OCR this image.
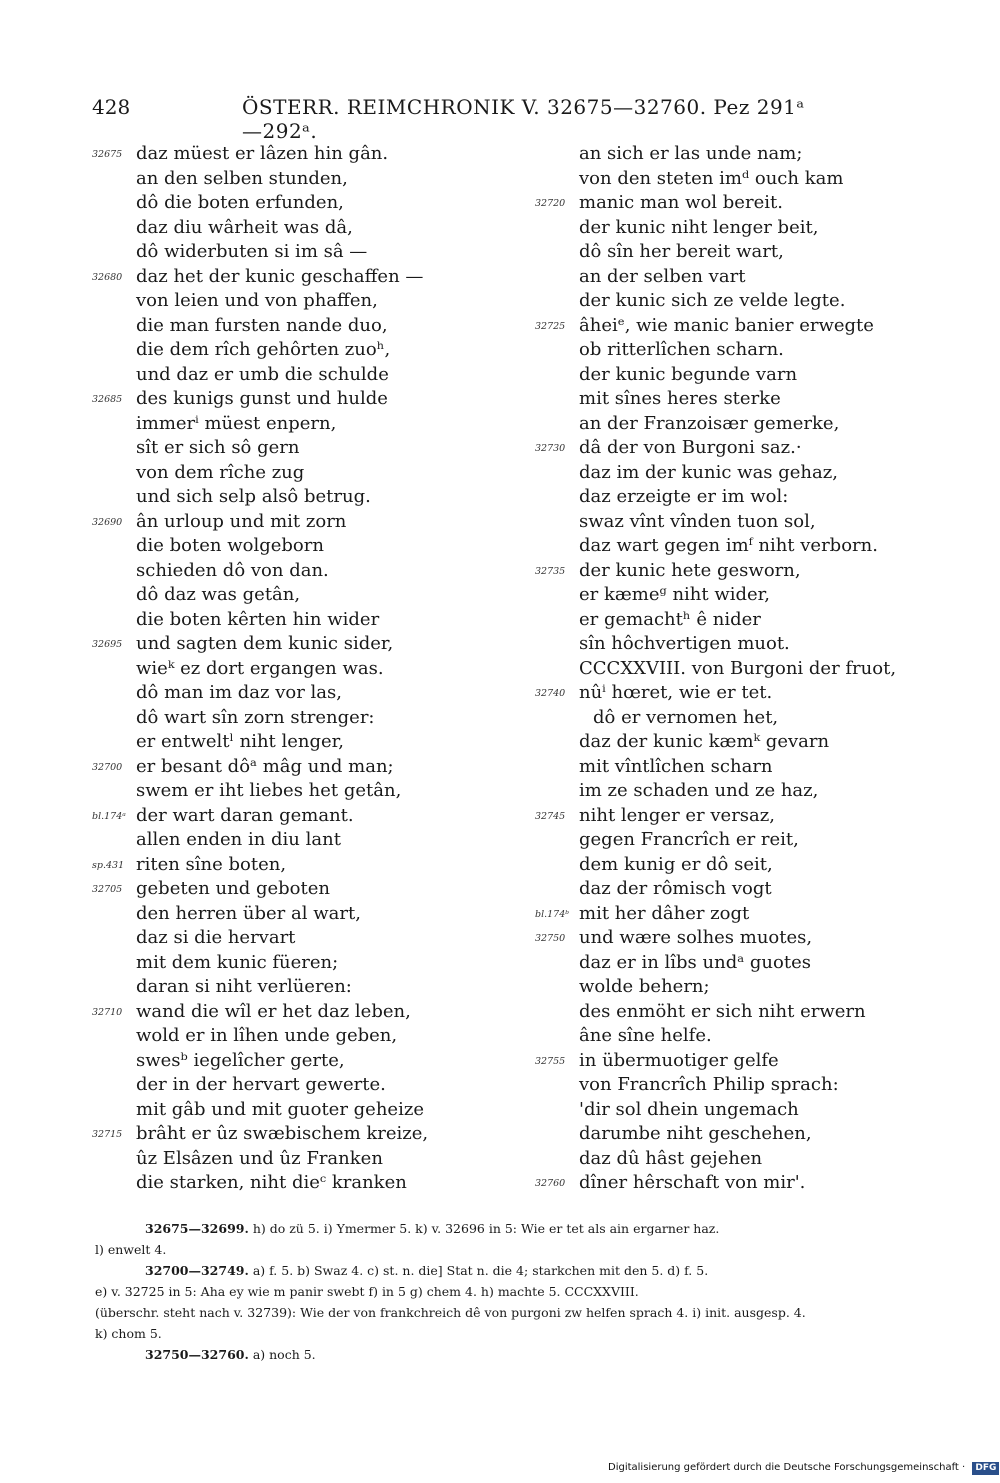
428	ÖSTERR. REIMCHRONIK V. 32675—32760. Pez 291ᵃ—292ᵃ.
32675 daz müest er lâzen hin gân.
an den selben stunden,
dô die boten erfunden,
daz diu wârheit was dâ,
dô widerbuten si im sâ —
32680 daz het der kunic geschaffen —
von leien und von phaffen,
die man fursten nande duo,
die dem rîch gehôrten zuoʰ,
und daz er umb die schulde
32685 des kunigs gunst und hulde
immerⁱ müest enpern,
sît er sich sô gern
von dem rîche zug
und sich selp alsô betrug.
32690 ân urloup und mit zorn
die boten wolgeborn
schieden dô von dan.
dô daz was getân,
die boten kêrten hin wider
32695 und sagten dem kunic sider,
wieᵏ ez dort ergangen was.
dô man im daz vor las,
dô wart sîn zorn strenger:
er entweltˡ niht lenger,
32700 er besant dôᵃ mâg und man;
swem er iht liebes het getân,
bl.174ᵃ der wart daran gemant.
allen enden in diu lant
sp.431 riten sîne boten,
32705 gebeten und geboten
den herren über al wart,
daz si die hervart
mit dem kunic füeren;
daran si niht verlüeren:
32710 wand die wîl er het daz leben,
wold er in lîhen unde geben,
swesᵇ iegelîcher gerte,
der in der hervart gewerte.
mit gâb und mit guoter geheize
32715 brâht er ûz swæbischem kreize,
ûz Elsâzen und ûz Franken
die starken, niht dieᶜ kranken
an sich er las unde nam;
von den steten imᵈ ouch kam
32720 manic man wol bereit.
der kunic niht lenger beit,
dô sîn her bereit wart,
an der selben vart
der kunic sich ze velde legte.
32725 âheiᵉ, wie manic banier erwegte
ob ritterlîchen scharn.
der kunic begunde varn
mit sînes heres sterke
an der Franzoisær gemerke,
32730 dâ der von Burgoni saz.·
daz im der kunic was gehaz,
daz erzeigte er im wol:
swaz vînt vînden tuon sol,
daz wart gegen imᶠ niht verborn.
32735 der kunic hete gesworn,
er kæmeᵍ niht wider,
er gemachtʰ ê nider
sîn hôchvertigen muot.
CCCXXVIII. von Burgoni der fruot,
32740 nûⁱ hœret, wie er tet.
dô er vernomen het,
daz der kunic kæmᵏ gevarn
mit vîntlîchen scharn
im ze schaden und ze haz,
32745 niht lenger er versaz,
gegen Francrîch er reit,
dem kunig er dô seit,
daz der rômisch vogt
bl.174ᵇ mit her dâher zogt
32750 und wære solhes muotes,
daz er in lîbs undᵃ guotes
wolde behern;
des enmöht er sich niht erwern
âne sîne helfe.
32755 in übermuotiger gelfe
von Francrîch Philip sprach:
'dir sol dhein ungemach
darumbe niht geschehen,
daz dû hâst gejehen
32760 dîner hêrschaft von mir'.
32675—32699. h) do zü 5. i) Ymermer 5. k) v. 32696 in 5: Wie er tet als ain ergarner haz.
l) enwelt 4.
32700—32749. a) f. 5. b) Swaz 4. c) st. n. die] Stat n. die 4; starkchen mit den 5. d) f. 5.
e) v. 32725 in 5: Aha ey wie m panir swebt f) in 5 g) chem 4. h) machte 5. CCCXXVIII.
(überschr. steht nach v. 32739): Wie der von frankchreich dê von purgoni zw helfen sprach 4. i) init. ausgesp. 4.
k) chom 5.
32750—32760. a) noch 5.
Digitalisierung gefördert durch die Deutsche Forschungsgemeinschaft · DFG
